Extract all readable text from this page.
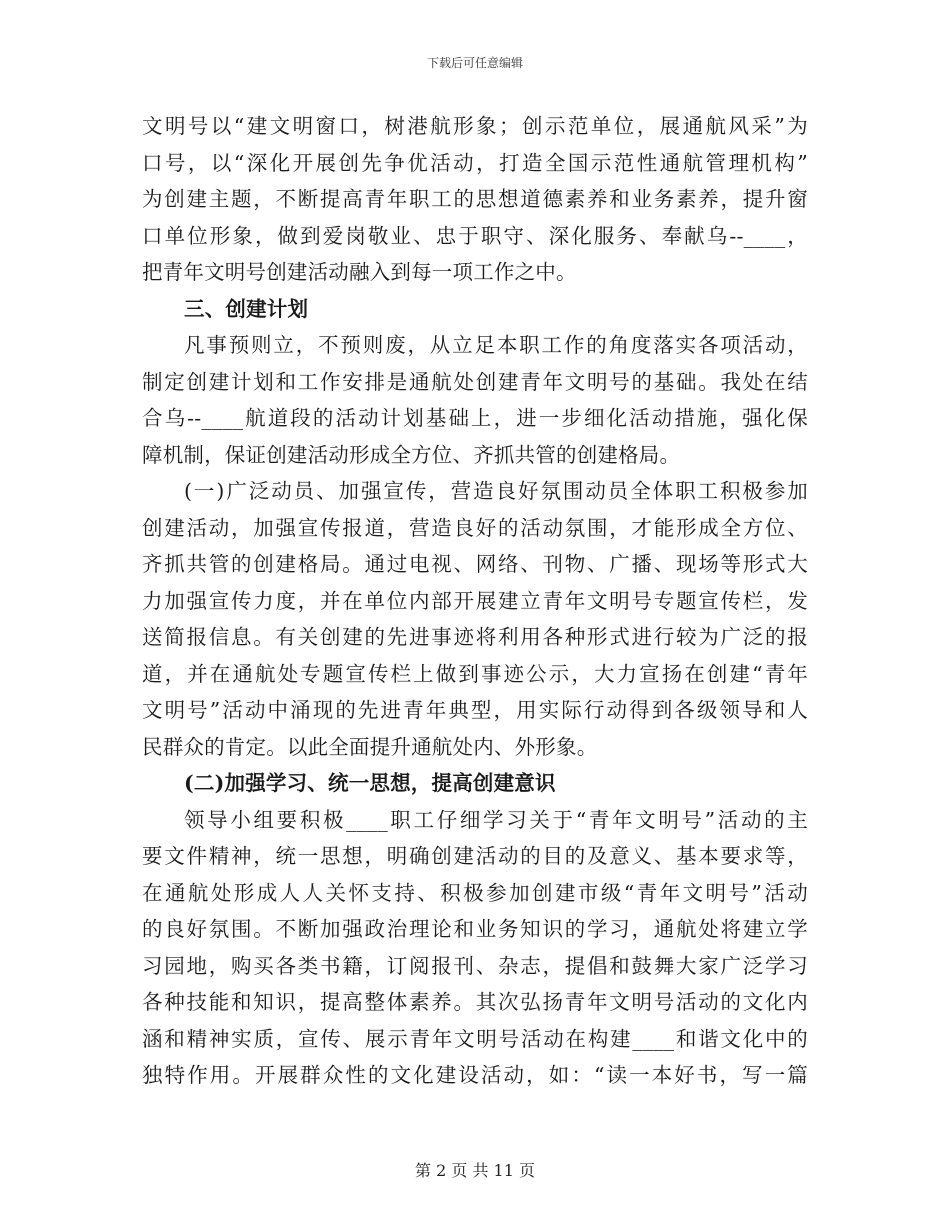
下载后可任意编辑
文明号以“建文明窗口，树港航形象；创示范单位，展通航风采”为
口号，以“深化开展创先争优活动，打造全国示范性通航管理机构”
为创建主题，不断提高青年职工的思想道德素养和业务素养，提升窗
口单位形象，做到爱岗敬业、忠于职守、深化服务、奉献乌--____，
把青年文明号创建活动融入到每一项工作之中。
三、创建计划
凡事预则立，不预则废，从立足本职工作的角度落实各项活动，
制定创建计划和工作安排是通航处创建青年文明号的基础。我处在结
合乌--____航道段的活动计划基础上，进一步细化活动措施，强化保
障机制，保证创建活动形成全方位、齐抓共管的创建格局。
(一)广泛动员、加强宣传，营造良好氛围动员全体职工积极参加
创建活动，加强宣传报道，营造良好的活动氛围，才能形成全方位、
齐抓共管的创建格局。通过电视、网络、刊物、广播、现场等形式大
力加强宣传力度，并在单位内部开展建立青年文明号专题宣传栏，发
送简报信息。有关创建的先进事迹将利用各种形式进行较为广泛的报
道，并在通航处专题宣传栏上做到事迹公示，大力宣扬在创建“青年
文明号”活动中涌现的先进青年典型，用实际行动得到各级领导和人
民群众的肯定。以此全面提升通航处内、外形象。
(二)加强学习、统一思想，提高创建意识
领导小组要积极____职工仔细学习关于“青年文明号”活动的主
要文件精神，统一思想，明确创建活动的目的及意义、基本要求等，
在通航处形成人人关怀支持、积极参加创建市级“青年文明号”活动
的良好氛围。不断加强政治理论和业务知识的学习，通航处将建立学
习园地，购买各类书籍，订阅报刊、杂志，提倡和鼓舞大家广泛学习
各种技能和知识，提高整体素养。其次弘扬青年文明号活动的文化内
涵和精神实质，宣传、展示青年文明号活动在构建____和谐文化中的
独特作用。开展群众性的文化建设活动，如：“读一本好书，写一篇
第 2 页 共 11 页
